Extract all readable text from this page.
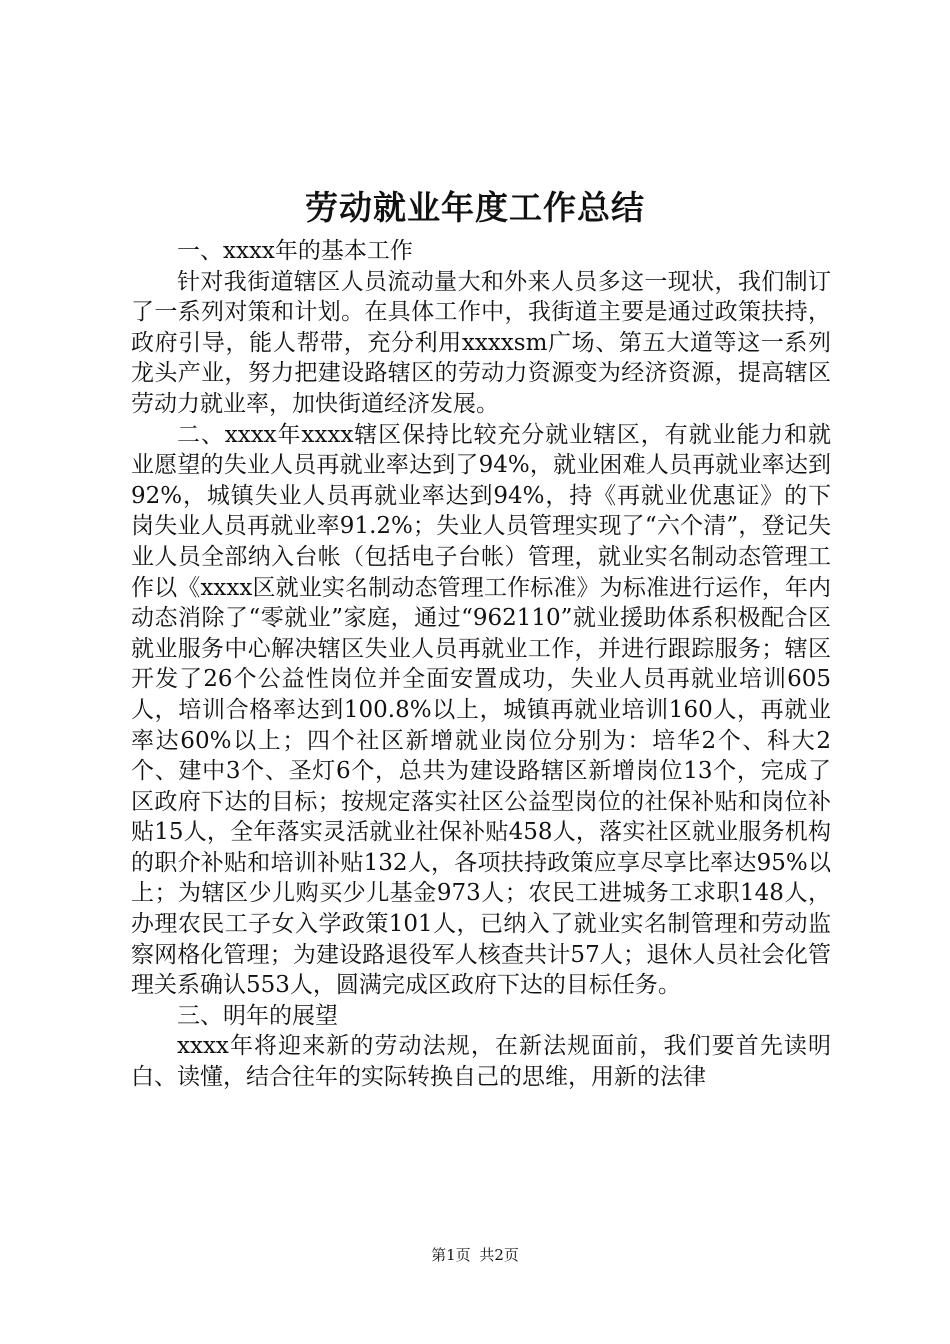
劳动就业年度工作总结

一、xxxx年的基本工作

针对我街道辖区人员流动量大和外来人员多这一现状，我们制订了一系列对策和计划。在具体工作中，我街道主要是通过政策扶持，政府引导，能人帮带，充分利用xxxxsm广场、第五大道等这一系列龙头产业，努力把建设路辖区的劳动力资源变为经济资源，提高辖区劳动力就业率，加快街道经济发展。

二、xxxx年xxxx辖区保持比较充分就业辖区，有就业能力和就业愿望的失业人员再就业率达到了94%，就业困难人员再就业率达到92%，城镇失业人员再就业率达到94%，持《再就业优惠证》的下岗失业人员再就业率91.2%；失业人员管理实现了“六个清”，登记失业人员全部纳入台帐（包括电子台帐）管理，就业实名制动态管理工作以《xxxx区就业实名制动态管理工作标准》为标准进行运作，年内动态消除了“零就业”家庭，通过“962110”就业援助体系积极配合区就业服务中心解决辖区失业人员再就业工作，并进行跟踪服务；辖区开发了26个公益性岗位并全面安置成功，失业人员再就业培训605人，培训合格率达到100.8%以上，城镇再就业培训160人，再就业率达60%以上；四个社区新增就业岗位分别为：培华2个、科大2个、建中3个、圣灯6个，总共为建设路辖区新增岗位13个，完成了区政府下达的目标；按规定落实社区公益型岗位的社保补贴和岗位补贴15人，全年落实灵活就业社保补贴458人，落实社区就业服务机构的职介补贴和培训补贴132人，各项扶持政策应享尽享比率达95%以上；为辖区少儿购买少儿基金973人；农民工进城务工求职148人，办理农民工子女入学政策101人，已纳入了就业实名制管理和劳动监察网格化管理；为建设路退役军人核查共计57人；退休人员社会化管理关系确认553人，圆满完成区政府下达的目标任务。

三、明年的展望

xxxx年将迎来新的劳动法规，在新法规面前，我们要首先读明白、读懂，结合往年的实际转换自己的思维，用新的法律

第1页 共2页
